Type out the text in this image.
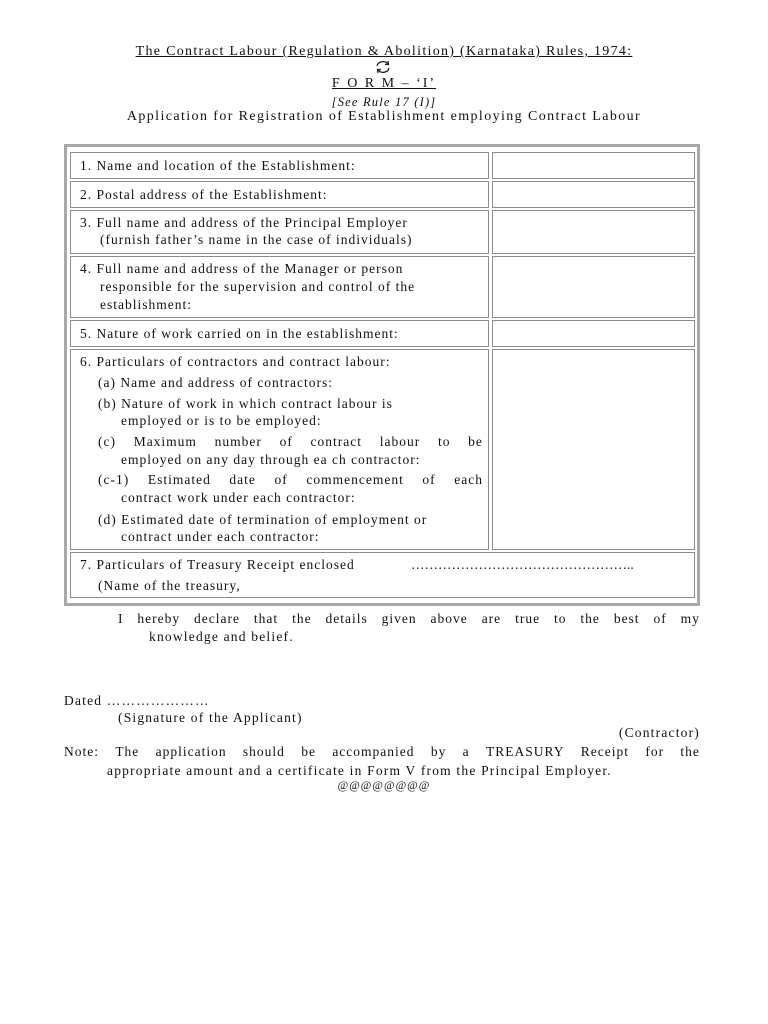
The Contract Labour (Regulation & Abolition) (Karnataka) Rules, 1974:
F O R M – ‘I’
[See Rule 17 (I)]
Application for Registration of Establishment employing Contract Labour
1. Name and location of the Establishment:
2. Postal address of the Establishment:
3. Full name and address of the Principal Employer
(furnish father’s name in the case of individuals)
4. Full name and address of the Manager or person
responsible for the supervision and control of the
establishment:
5. Nature of work carried on in the establishment:
6. Particulars of contractors and contract labour:
(a) Name and address of contractors:
(b) Nature of work in which contract labour is
employed or is to be employed:
(c) Maximum number of contract labour to be
employed on any day through ea ch contractor:
(c-1) Estimated date of commencement of each
contract work under each contractor:
(d) Estimated date of termination of employment or
contract under each contractor:
7. Particulars of Treasury Receipt enclosed	…………………………………………..
(Name of the treasury,
I hereby declare that the details given above are true to the best of my
knowledge and belief.
Dated …………………
(Signature of the Applicant)
(Contractor)
Note: The application should be accompanied by a TREASURY Receipt for the
appropriate amount and a certificate in Form V from the Principal Employer.
@@@@@@@@
